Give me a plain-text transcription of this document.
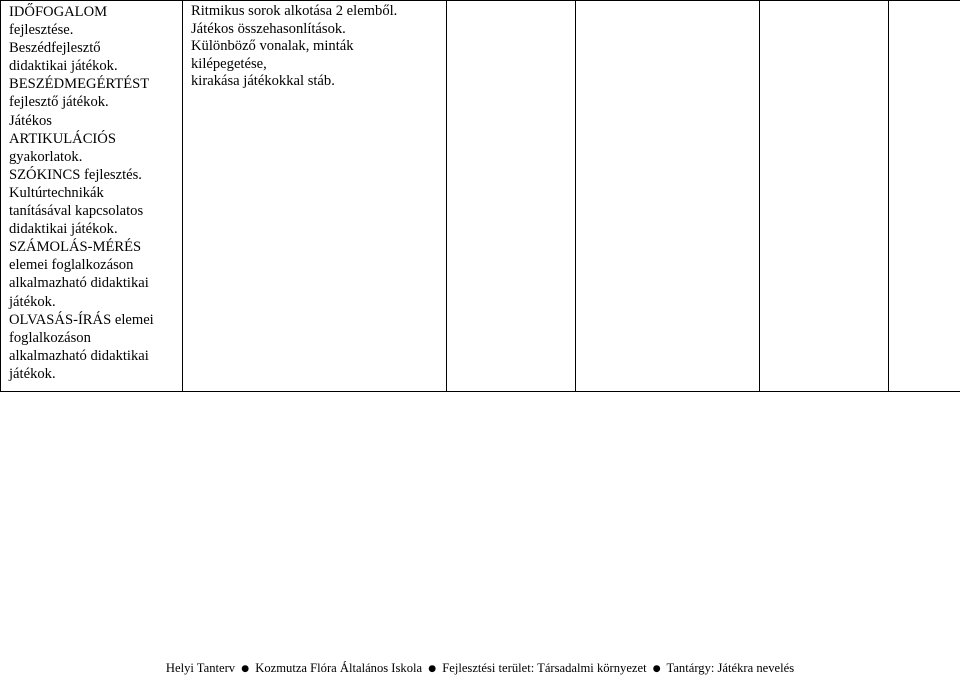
IDŐFOGALOM
fejlesztése.
Beszédfejlesztő
didaktikai játékok.
BESZÉDMEGÉRTÉST
fejlesztő játékok.
Játékos
ARTIKULÁCIÓS
gyakorlatok.
SZÓKINCS fejlesztés.
Kultúrtechnikák
tanításával kapcsolatos
didaktikai játékok.
SZÁMOLÁS-MÉRÉS
elemei foglalkozáson
alkalmazható didaktikai
játékok.
OLVASÁS-ÍRÁS elemei
foglalkozáson
alkalmazható didaktikai
játékok.

Ritmikus sorok alkotása 2 elemből.
Játékos összehasonlítások.
Különböző vonalak, minták
kilépegetése,
kirakása játékokkal stáb.

Helyi Tanterv ● Kozmutza Flóra Általános Iskola ● Fejlesztési terület: Társadalmi környezet ● Tantárgy: Játékra nevelés
